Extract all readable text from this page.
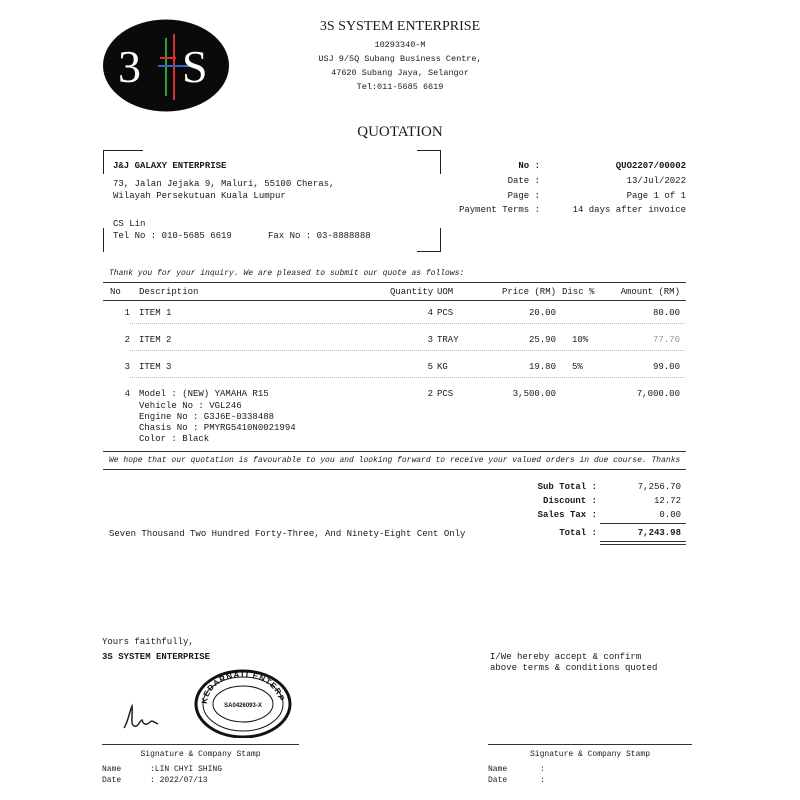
3 S
3S SYSTEM ENTERPRISE
10293340-M
USJ 9/5Q Subang Business Centre,
47620 Subang Jaya, Selangor
Tel:011-5685 6619
QUOTATION
J&J GALAXY ENTERPRISE
73, Jalan Jejaka 9, Maluri, 55100 Cheras,
Wilayah Persekutuan Kuala Lumpur
CS Lin
Tel No : 010-5685 6619	Fax No : 03-8888888
No :	QUO2207/00002
Date :	13/Jul/2022
Page :	Page 1 of 1
Payment Terms :	14 days after invoice
Thank you for your inquiry. We are pleased to submit our quote as follows:
No	Description	Quantity UOM	Price (RM) Disc %	Amount (RM)
1 ITEM 1	4 PCS	20.00	80.00
2 ITEM 2	3 TRAY	25.90 10%	77.70
3 ITEM 3	5 KG	19.80 5%	99.00
4 Model : (NEW) YAMAHA R15	2 PCS	3,500.00	7,000.00
Vehicle No : VGL246
Engine No : G3J6E-0338488
Chasis No : PMYRG5410N0021994
Color : Black
We hope that our quotation is favourable to you and looking forward to receive your valued orders in due course. Thanks
Sub Total :	7,256.70
Discount :	12.72
Sales Tax :	0.00
Total :	7,243.98
Seven Thousand Two Hundred Forty-Three, And Ninety-Eight Cent Only
Yours faithfully,
3S SYSTEM ENTERPRISE	I/We hereby accept & confirm
above terms & conditions quoted
KEDARNATI ENTERP
SA0426093-X
Signature & Company Stamp	Signature & Company Stamp
Name	:LIN CHYI SHING
Date	: 2022/07/13
Name	:
Date	:
